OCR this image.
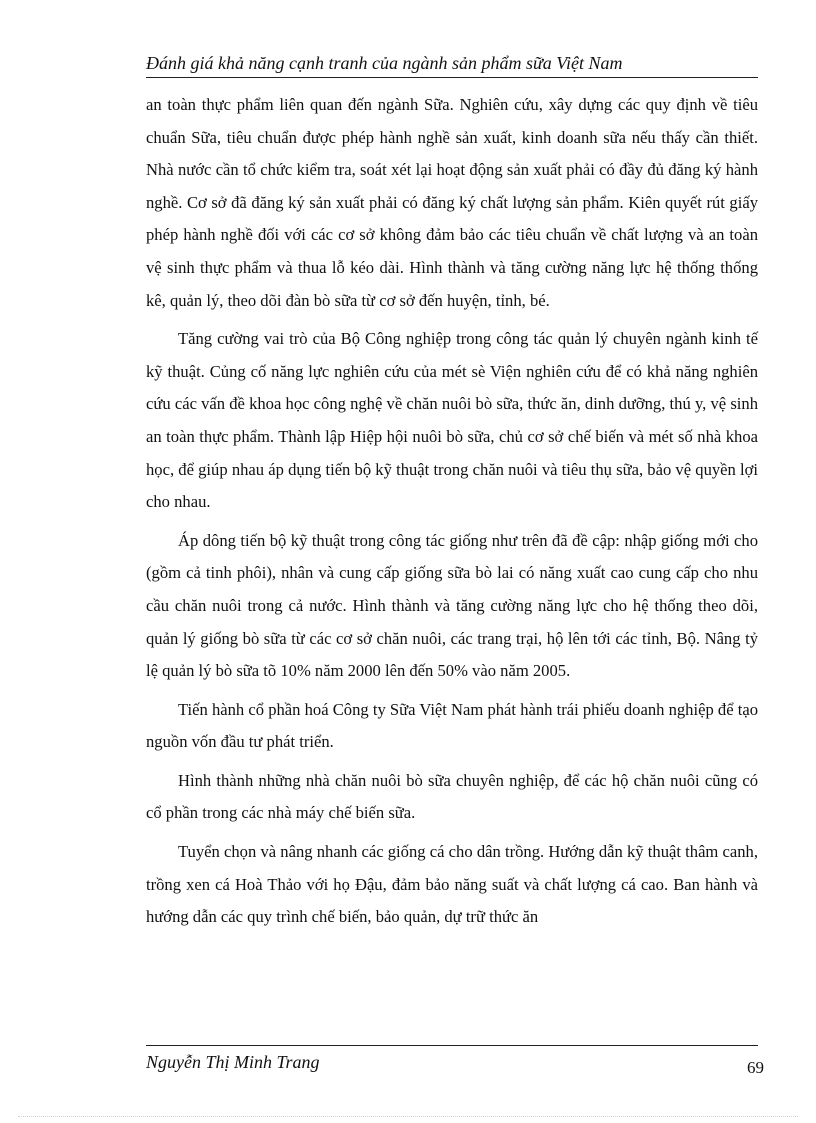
Đánh giá khả năng cạnh tranh của ngành sản phẩm sữa Việt Nam

an toàn thực phẩm liên quan đến ngành Sữa. Nghiên cứu, xây dựng các quy định về tiêu chuẩn Sữa, tiêu chuẩn được phép hành nghề sản xuất, kinh doanh sữa nếu thấy cần thiết. Nhà nước cần tổ chức kiểm tra, soát xét lại hoạt động sản xuất phải có đầy đủ đăng ký hành nghề. Cơ sở đã đăng ký sản xuất phải có đăng ký chất lượng sản phẩm. Kiên quyết rút giấy phép hành nghề đối với các cơ sở không đảm bảo các tiêu chuẩn về chất lượng và an toàn vệ sinh thực phẩm và thua lỗ kéo dài. Hình thành và tăng cường năng lực hệ thống thống kê, quản lý, theo dõi đàn bò sữa từ cơ sở đến huyện, tỉnh, bé.

Tăng cường vai trò của Bộ Công nghiệp trong công tác quản lý chuyên ngành kinh tế kỹ thuật. Củng cố năng lực nghiên cứu của mét sè Viện nghiên cứu để có khả năng nghiên cứu các vấn đề khoa học công nghệ về chăn nuôi bò sữa, thức ăn, dinh dưỡng, thú y, vệ sinh an toàn thực phẩm. Thành lập Hiệp hội nuôi bò sữa, chủ cơ sở chế biến và mét số nhà khoa học, để giúp nhau áp dụng tiến bộ kỹ thuật trong chăn nuôi và tiêu thụ sữa, bảo vệ quyền lợi cho nhau.

Áp dông tiến bộ kỹ thuật trong công tác giống như trên đã đề cập: nhập giống mới cho (gồm cả tinh phôi), nhân và cung cấp giống sữa bò lai có năng xuất cao cung cấp cho nhu cầu chăn nuôi trong cả nước. Hình thành và tăng cường năng lực cho hệ thống theo dõi, quản lý giống bò sữa từ các cơ sở chăn nuôi, các trang trại, hộ lên tới các tỉnh, Bộ. Nâng tỷ lệ quản lý bò sữa tõ 10% năm 2000 lên đến 50% vào năm 2005.

Tiến hành cổ phần hoá Công ty Sữa Việt Nam phát hành trái phiếu doanh nghiệp để tạo nguồn vốn đầu tư phát triển.

Hình thành những nhà chăn nuôi bò sữa chuyên nghiệp, để các hộ chăn nuôi cũng có cổ phần trong các nhà máy chế biến sữa.

Tuyển chọn và nâng nhanh các giống cá cho dân trồng. Hướng dẫn kỹ thuật thâm canh, trồng xen cá Hoà Thảo với họ Đậu, đảm bảo năng suất và chất lượng cá cao. Ban hành và hướng dẫn các quy trình chế biến, bảo quản, dự trữ thức ăn

Nguyễn Thị Minh Trang	69
